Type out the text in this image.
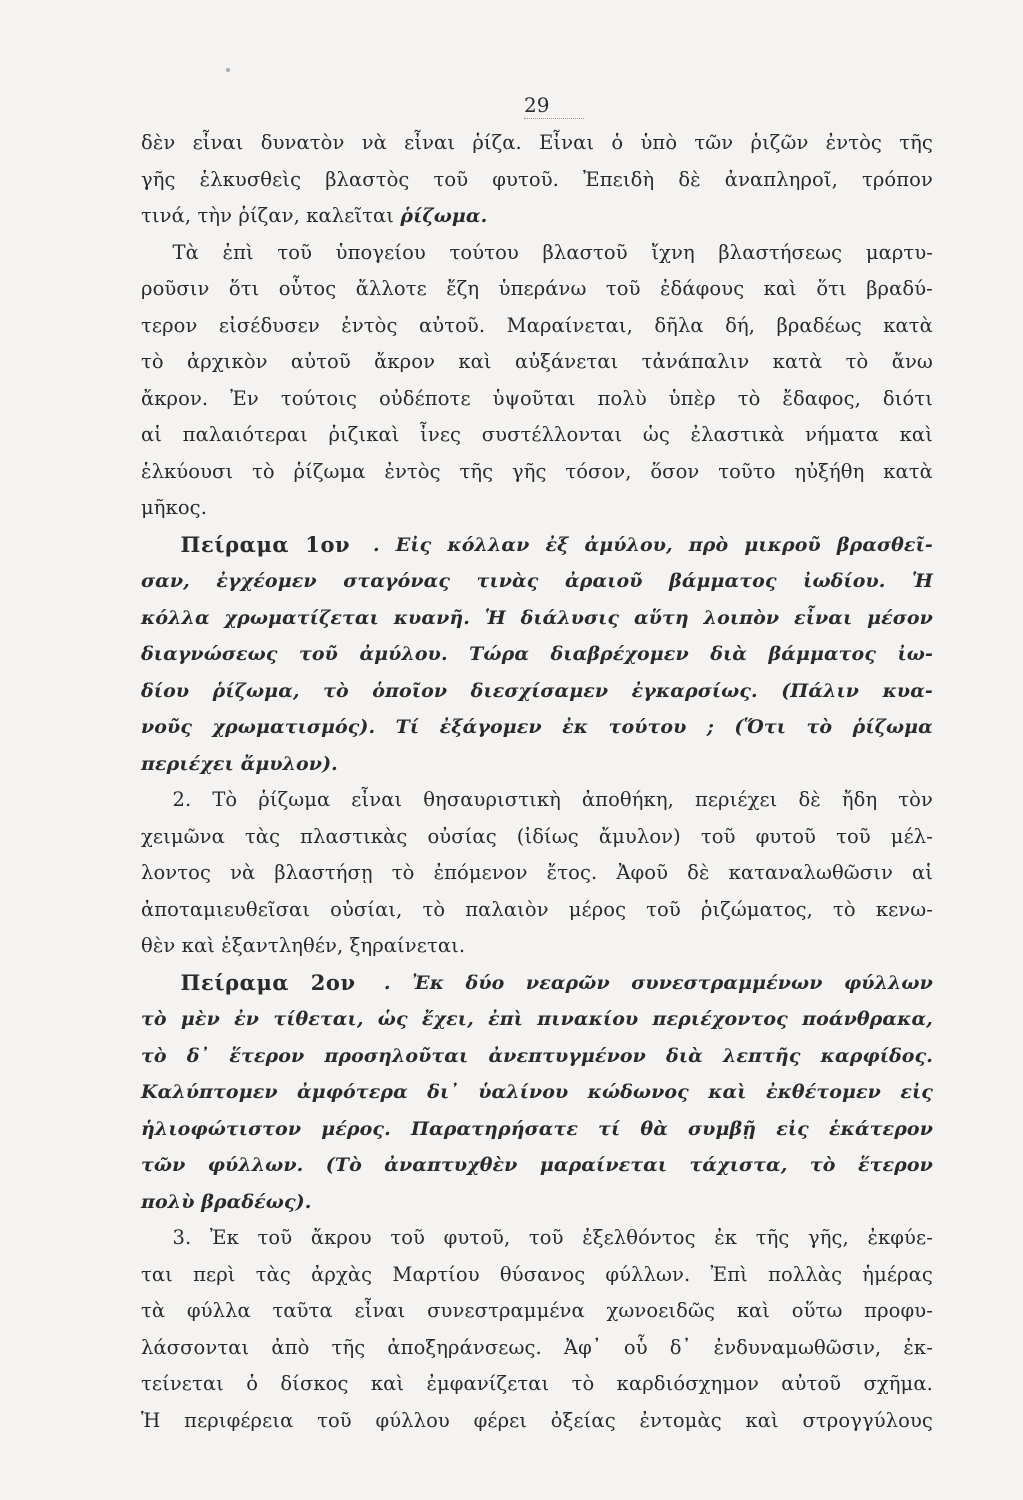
29
δὲν εἶναι δυνατὸν νὰ εἶναι ῥίζα. Εἶναι ὁ ὑπὸ τῶν ῥιζῶν ἐντὸς τῆς
γῆς ἑλκυσθεὶς βλαστὸς τοῦ φυτοῦ. Ἐπειδὴ δὲ ἀναπληροῖ, τρόπον
τινά, τὴν ῥίζαν, καλεῖται ῥίζωμα.
Τὰ ἐπὶ τοῦ ὑπογείου τούτου βλαστοῦ ἴχνη βλαστήσεως μαρτυ-
ροῦσιν ὅτι οὗτος ἄλλοτε ἔζη ὑπεράνω τοῦ ἐδάφους καὶ ὅτι βραδύ-
τερον εἰσέδυσεν ἐντὸς αὐτοῦ. Μαραίνεται, δῆλα δή, βραδέως κατὰ
τὸ ἀρχικὸν αὐτοῦ ἄκρον καὶ αὐξάνεται τἀνάπαλιν κατὰ τὸ ἄνω
ἄκρον. Ἐν τούτοις οὐδέποτε ὑψοῦται πολὺ ὑπὲρ τὸ ἔδαφος, διότι
αἱ παλαιότεραι ῥιζικαὶ ἶνες συστέλλονται ὡς ἐλαστικὰ νήματα καὶ
ἑλκύουσι τὸ ῥίζωμα ἐντὸς τῆς γῆς τόσον, ὅσον τοῦτο ηὐξήθη κατὰ
μῆκος.
Πείραμα 1ον . Εἰς κόλλαν ἐξ ἀμύλου, πρὸ μικροῦ βρασθεῖ-
σαν, ἐγχέομεν σταγόνας τινὰς ἀραιοῦ βάμματος ἰωδίου. Ἡ
κόλλα χρωματίζεται κυανῆ. Ἡ διάλυσις αὕτη λοιπὸν εἶναι μέσον
διαγνώσεως τοῦ ἀμύλου. Τώρα διαβρέχομεν διὰ βάμματος ἰω-
δίου ῥίζωμα, τὸ ὁποῖον διεσχίσαμεν ἐγκαρσίως. (Πάλιν κυα-
νοῦς χρωματισμός). Τί ἐξάγομεν ἐκ τούτου ; (Ὅτι τὸ ῥίζωμα
περιέχει ἄμυλον).
2. Τὸ ῥίζωμα εἶναι θησαυριστικὴ ἀποθήκη, περιέχει δὲ ἤδη τὸν
χειμῶνα τὰς πλαστικὰς οὐσίας (ἰδίως ἄμυλον) τοῦ φυτοῦ τοῦ μέλ-
λοντος νὰ βλαστήσῃ τὸ ἐπόμενον ἔτος. Ἀφοῦ δὲ καταναλωθῶσιν αἱ
ἀποταμιευθεῖσαι οὐσίαι, τὸ παλαιὸν μέρος τοῦ ῥιζώματος, τὸ κενω-
θὲν καὶ ἐξαντληθέν, ξηραίνεται.
Πείραμα 2ον . Ἐκ δύο νεαρῶν συνεστραμμένων φύλλων
τὸ μὲν ἐν τίθεται, ὡς ἔχει, ἐπὶ πινακίου περιέχοντος ποάνθρακα,
τὸ δ᾽ ἕτερον προσηλοῦται ἀνεπτυγμένον διὰ λεπτῆς καρφίδος.
Καλύπτομεν ἀμφότερα δι᾽ ὑαλίνου κώδωνος καὶ ἐκθέτομεν εἰς
ἡλιοφώτιστον μέρος. Παρατηρήσατε τί θὰ συμβῇ εἰς ἑκάτερον
τῶν φύλλων. (Τὸ ἀναπτυχθὲν μαραίνεται τάχιστα, τὸ ἕτερον
πολὺ βραδέως).
3. Ἐκ τοῦ ἄκρου τοῦ φυτοῦ, τοῦ ἐξελθόντος ἐκ τῆς γῆς, ἐκφύε-
ται περὶ τὰς ἀρχὰς Μαρτίου θύσανος φύλλων. Ἐπὶ πολλὰς ἡμέρας
τὰ φύλλα ταῦτα εἶναι συνεστραμμένα χωνοειδῶς καὶ οὕτω προφυ-
λάσσονται ἀπὸ τῆς ἀποξηράνσεως. Ἀφ᾽ οὗ δ᾽ ἐνδυναμωθῶσιν, ἐκ-
τείνεται ὁ δίσκος καὶ ἐμφανίζεται τὸ καρδιόσχημον αὐτοῦ σχῆμα.
Ἡ περιφέρεια τοῦ φύλλου φέρει ὀξείας ἐντομὰς καὶ στρογγύλους
